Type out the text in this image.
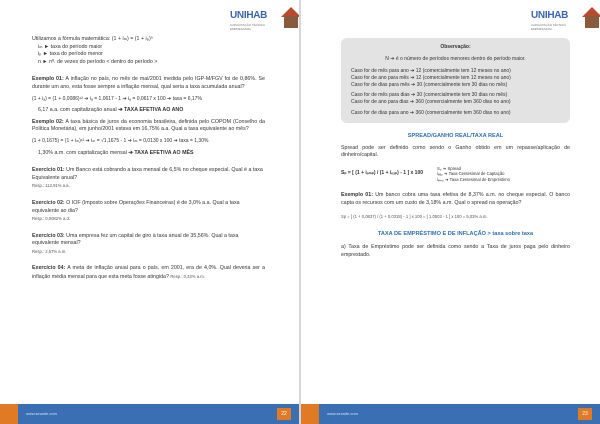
UNIHAB
CAPACITAÇÃO TÉCNICA EMPRESARIAL
Utilizamos a fórmula matemática: (1 + iₘ) = (1 + iₚ)ⁿ
iₘ ► taxa do período maior
iₚ ► taxa do período menor
n ► nº. de vezes do período < dentro do período >

Exemplo 01: A inflação no país, no mês de mai/2001 medida pelo IGP-M/FGV foi de 0,86%. Se durante um ano, esta fosse sempre a inflação mensal, qual seria a taxa acumulada anual?

(1 + iₐ) = (1 + 0,0086)¹² ➔ iₐ = 1,0617 - 1 ➔ iₐ = 0,0617 x 100 ➔ taxa = 6,17%
6,17 a.a. com capitalização anual ➔ TAXA EFETIVA AO ANO

Exemplo 02: A taxa básica de juros da economia brasileira, definida pelo COPOM (Conselho da Política Monetária), em junho/2001 estava em 16,75% a.a. Qual a taxa equivalente ao mês?

(1 + 0,1675) = (1 + iₘ)¹² ➔ iₘ = √1,1675 - 1 ➔ iₘ = 0,0130 x 100 ➔ taxa = 1,30%
1,30% a.m. com capitalização mensal ➔ TAXA EFETIVA AO MÊS

Exercício 01: Um Banco está cobrando a taxa mensal de 6,5% no cheque especial. Qual é a taxa Equivalente anual?

Resp.: 112,91% a.a.

Exercício 02: O IOF (Imposto sobre Operações Financeiras) é de 3,0% a.a. Qual a taxa equivalente ao dia?

Resp.: 0,0082% a.d.

Exercício 03: Uma empresa fez um capital de giro à taxa anual de 35,56%. Qual a taxa equivalente mensal?

Resp.: 2,57% a.m.

Exercício 04: A meta de inflação anual para o país, em 2001, era de 4,0%. Qual deveria ser a inflação média mensal para que esta meta fosse atingida? Resp.: 0,33% a.m.

www.seusite.com	22
UNIHAB
CAPACITAÇÃO TÉCNICA EMPRESARIAL
Observação:
N ➔ é o número de períodos menores dentro do período maior.
Caso for de mês para ano ➔ 12 (comercialmente tem 12 meses no ano)
Caso for de ano para mês ➔ 12 (comercialmente tem 12 meses no ano)
Caso for de dias para mês ➔ 30 (comercialmente tem 30 dias no mês)
Caso for de mês para dias ➔ 30 (comercialmente tem 30 dias no mês)
Caso for de ano para dias ➔ 360 (comercialmente tem 360 dias no ano)
Caso for de dias para ano ➔ 360 (comercialmente tem 360 dias no ano)
SPREAD/GANHO REAL/TAXA REAL

Spread pode ser definido como sendo o Ganho obtido em um repasse/aplicação de dinheiro/capital.

Sₚ = [ (1 + iₑₘₚ) / (1 + iₑₐₚ) - 1 ] x 100
Sₚ ➔ Spread
iₑₐₚ ➔ Taxa Centesimal de Captação
iₑₘₚ ➔ Taxa Centesimal de Empréstimo

Exemplo 01: Um banco cobra uma taxa efetiva de 8,37% a.m. no cheque especial. O banco capta os recursos com um custo de 3,18% a.m. Qual o spread na operação?

Sp = [ (1 + 0,0837) / (1 + 0,0318) - 1 ] x 100 = [ 1,0503 - 1 ] x 100 = 5,03% a.m.
TAXA DE EMPRÉSTIMO E DE INFLAÇÃO > taxa sobre taxa

a) Taxa de Empréstimo pode ser definida como sendo a Taxa de juros paga pelo dinheiro emprestado.

www.seusite.com	23
